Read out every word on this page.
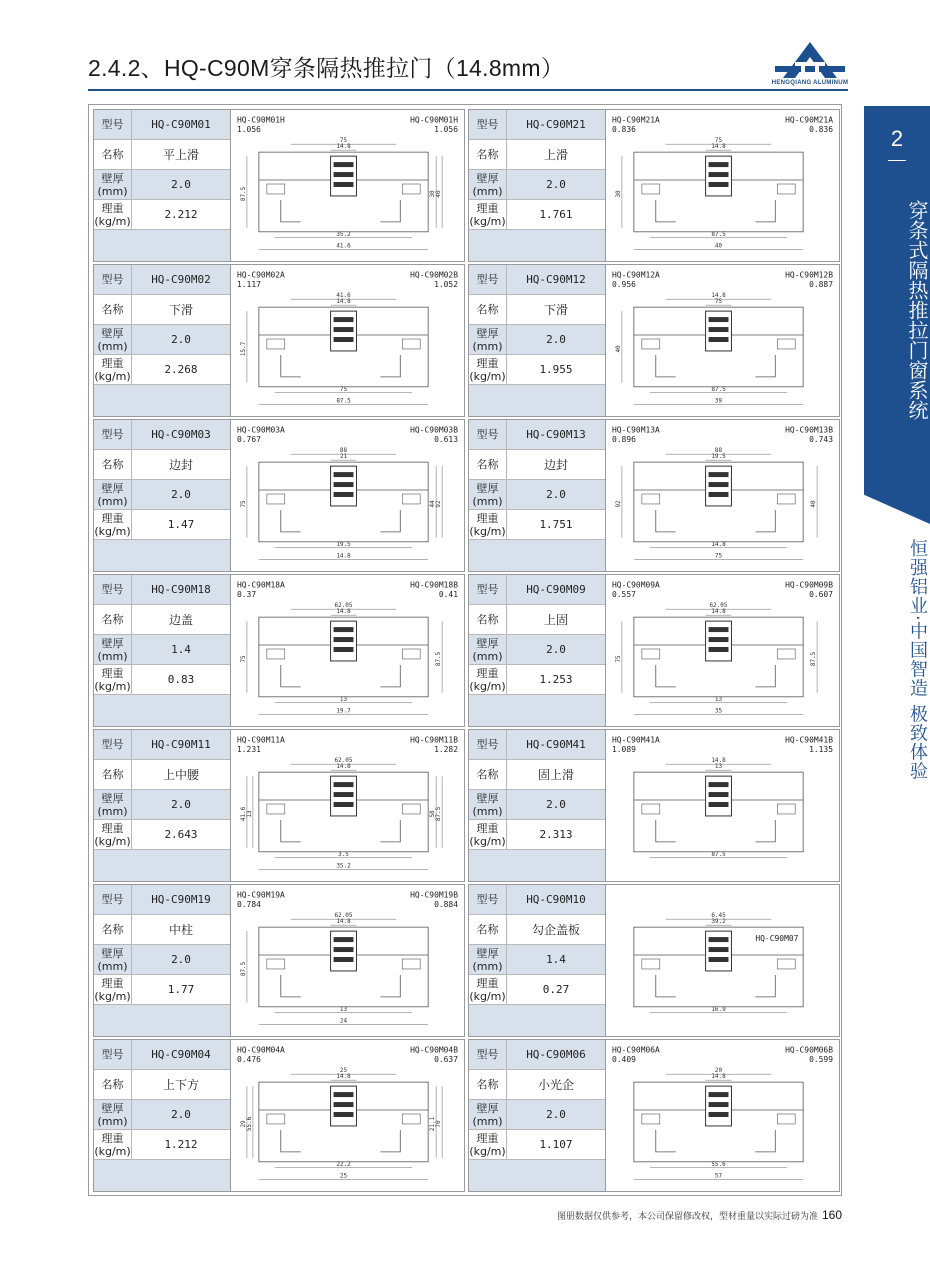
2.4.2、HQ-C90M穿条隔热推拉门（14.8mm）
HENGQIANG ALUMINUM
2
穿条式隔热推拉门窗系统
恒强铝业·中国智造 极致体验
型号	HQ-C90M01
名称	平上滑
壁厚(mm)	2.0
理重(kg/m)	2.212
HQ-C90M01H
1.056
HQ-C90M01H
1.056
75
14.8
35.2
41.6
87.5	40
30
型号	HQ-C90M21
名称	上滑
壁厚(mm)	2.0
理重(kg/m)	1.761
HQ-C90M21A
0.836
HQ-C90M21A
0.836
75
14.8
87.5
40
30
型号	HQ-C90M02
名称	下滑
壁厚(mm)	2.0
理重(kg/m)	2.268
HQ-C90M02A
1.117
HQ-C90M02B
1.052
41.6
14.8
75
87.5
15.7
型号	HQ-C90M12
名称	下滑
壁厚(mm)	2.0
理重(kg/m)	1.955
HQ-C90M12A
0.956
HQ-C90M12B
0.887
14.8
75
87.5
39
40
型号	HQ-C90M03
名称	边封
壁厚(mm)	2.0
理重(kg/m)	1.47
HQ-C90M03A
0.767
HQ-C90M03B
0.613
88
21
19.5
14.8
75	92
44
型号	HQ-C90M13
名称	边封
壁厚(mm)	2.0
理重(kg/m)	1.751
HQ-C90M13A
0.896
HQ-C90M13B
0.743
88
19.5
14.8
75
92	40
型号	HQ-C90M18
名称	边盖
壁厚(mm)	1.4
理重(kg/m)	0.83
HQ-C90M18A
0.37
HQ-C90M18B
0.41
62.05
14.8
13
19.7
75	87.5
型号	HQ-C90M09
名称	上固
壁厚(mm)	2.0
理重(kg/m)	1.253
HQ-C90M09A
0.557
HQ-C90M09B
0.607
62.05
14.8
13
35
75	87.5
型号	HQ-C90M11
名称	上中腰
壁厚(mm)	2.0
理重(kg/m)	2.643
HQ-C90M11A
1.231
HQ-C90M11B
1.282
62.05
14.8
3.5
35.2
41.6	87.5
58
13
型号	HQ-C90M41
名称	固上滑
壁厚(mm)	2.0
理重(kg/m)	2.313
HQ-C90M41A
1.089
HQ-C90M41B
1.135
14.8
13
87.5
型号	HQ-C90M19
名称	中柱
壁厚(mm)	2.0
理重(kg/m)	1.77
HQ-C90M19A
0.784
HQ-C90M19B
0.884
62.05
14.8
13
24
87.5
型号	HQ-C90M10
名称	勾企盖板
壁厚(mm)	1.4
理重(kg/m)	0.27
HQ-C90M07
6.45
39.2
16.9
型号	HQ-C90M04
名称	上下方
壁厚(mm)	2.0
理重(kg/m)	1.212
HQ-C90M04A
0.476
HQ-C90M04B
0.637
25
14.8
22.2
25
29	70
21.1
55.6
型号	HQ-C90M06
名称	小光企
壁厚(mm)	2.0
理重(kg/m)	1.107
HQ-C90M06A
0.409
HQ-C90M06B
0.599
20
14.8
55.6
57
图册数据仅供参考，本公司保留修改权，型材重量以实际过磅为准 160
